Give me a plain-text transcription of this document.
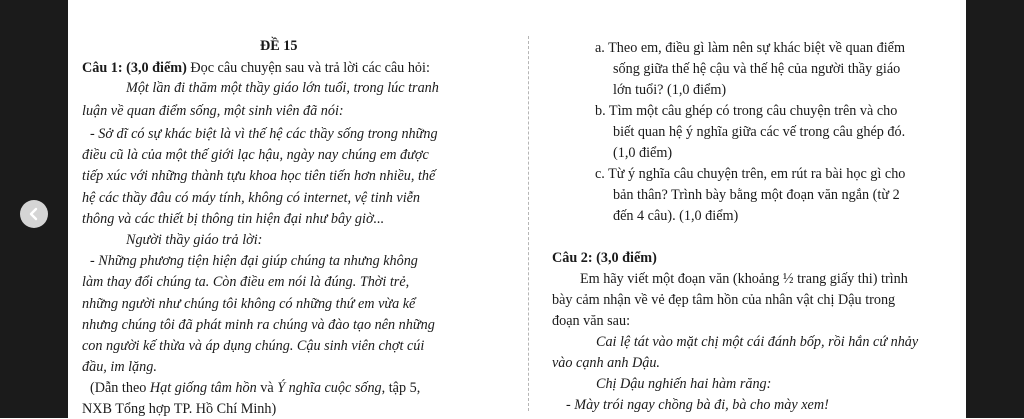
ĐỀ 15
Câu 1: (3,0 điểm) Đọc câu chuyện sau và trả lời các câu hỏi:
Một lần đi thăm một thầy giáo lớn tuổi, trong lúc tranh
luận về quan điểm sống, một sinh viên đã nói:
- Sở dĩ có sự khác biệt là vì thế hệ các thầy sống trong những
điều cũ là của một thế giới lạc hậu, ngày nay chúng em được
tiếp xúc với những thành tựu khoa học tiên tiến hơn nhiều, thế
hệ các thầy đâu có máy tính, không có internet, vệ tinh viễn
thông và các thiết bị thông tin hiện đại như bây giờ...
Người thầy giáo trả lời:
- Những phương tiện hiện đại giúp chúng ta nhưng không
làm thay đổi chúng ta. Còn điều em nói là đúng. Thời trẻ,
những người như chúng tôi không có những thứ em vừa kể
nhưng chúng tôi đã phát minh ra chúng và đào tạo nên những
con người kế thừa và áp dụng chúng. Cậu sinh viên chợt cúi
đầu, im lặng.
(Dẫn theo Hạt giống tâm hồn và Ý nghĩa cuộc sống, tập 5,
NXB Tổng hợp TP. Hồ Chí Minh)
a. Theo em, điều gì làm nên sự khác biệt về quan điểm
sống giữa thế hệ cậu và thế hệ của người thầy giáo
lớn tuổi? (1,0 điểm)
b. Tìm một câu ghép có trong câu chuyện trên và cho
biết quan hệ ý nghĩa giữa các vế trong câu ghép đó.
(1,0 điểm)
c. Từ ý nghĩa câu chuyện trên, em rút ra bài học gì cho
bản thân? Trình bày bằng một đoạn văn ngắn (từ 2
đến 4 câu). (1,0 điểm)
Câu 2: (3,0 điểm)
Em hãy viết một đoạn văn (khoảng ½ trang giấy thi) trình
bày cảm nhận về vẻ đẹp tâm hồn của nhân vật chị Dậu trong
đoạn văn sau:
Cai lệ tát vào mặt chị một cái đánh bốp, rồi hắn cứ nhảy
vào cạnh anh Dậu.
Chị Dậu nghiến hai hàm răng:
- Mày trói ngay chồng bà đi, bà cho mày xem!
